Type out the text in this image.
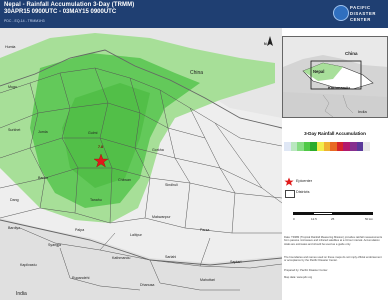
Nepal - Rainfall Accumulation 3-Day (TRMM)
30APR15 0900UTC - 03MAY15 0900UTC
PDC - EQ-14 - TRMM1H3
PACIFIC
DISASTER
CENTER
Humla
China
Mugu
Surkhet	Jumla	Gulmi
Gorkha
7.8
Banke
Dang
Chitwan
Sindhuli
Tanahu
Bardiya
Makwanpur
Palpa
Lalitpur
Parsa
Syangja
Kathmandu	Sarlahi
Saptari
Kapilvastu
Rupandehi
Dhanusa
Mahottari
India
N
China
Nepal
Kathmandu
India
3-Day Rainfall Accumulation
Epicenter
Districts
0	12.5	25	50 km
Data: TRMM (Tropical Rainfall Measuring Mission) provides rainfall measurements from passive microwave and infrared satellites at a 3-hour interval. Accumulation totals are estimates and should be used as a guide only.
The boundaries and names used on these maps do not imply official endorsement or acceptance by the Pacific Disaster Center.
Prepared by: Pacific Disaster Center
Map data: www.pdc.org
